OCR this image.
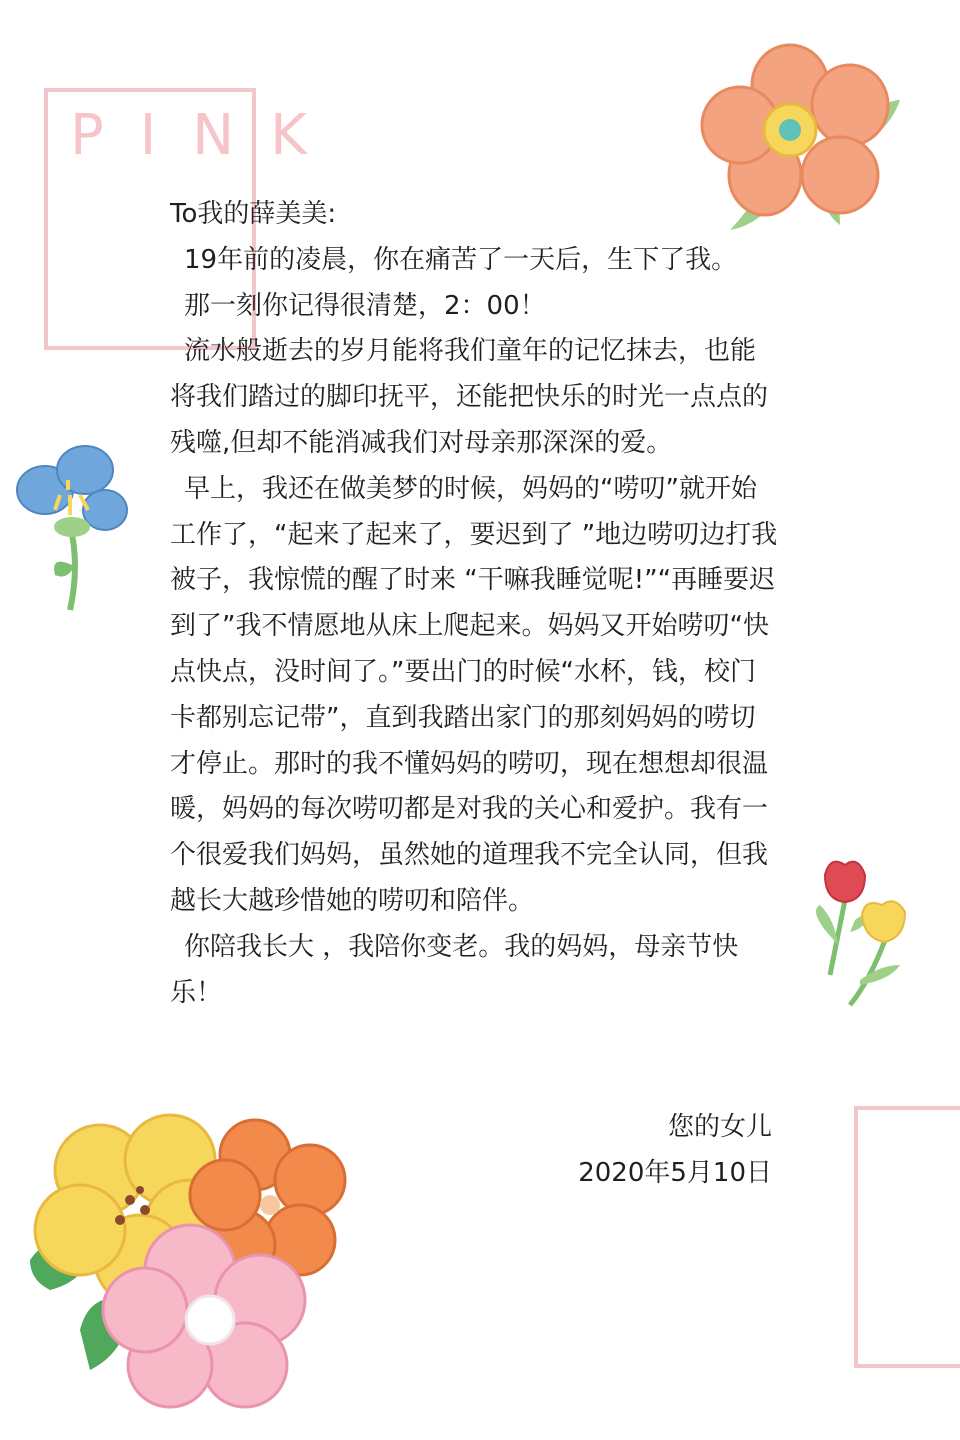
PINK

To我的薛美美:

19年前的凌晨，你在痛苦了一天后，生下了我。

那一刻你记得很清楚，2：00！

流水般逝去的岁月能将我们童年的记忆抹去，也能将我们踏过的脚印抚平，还能把快乐的时光一点点的残噬,但却不能消减我们对母亲那深深的爱。

早上，我还在做美梦的时候，妈妈的“唠叨”就开始工作了，“起来了起来了，要迟到了 ”地边唠叨边打我被子，我惊慌的醒了时来 “干嘛我睡觉呢!”“再睡要迟到了”我不情愿地从床上爬起来。妈妈又开始唠叨“快点快点，没时间了。”要出门的时候“水杯，钱，校门卡都别忘记带”，直到我踏出家门的那刻妈妈的唠切才停止。那时的我不懂妈妈的唠叨，现在想想却很温暖，妈妈的每次唠叨都是对我的关心和爱护。我有一个很爱我们妈妈，虽然她的道理我不完全认同，但我越长大越珍惜她的唠叨和陪伴。

你陪我长大 ，我陪你变老。我的妈妈，母亲节快乐！

您的女儿
2020年5月10日
